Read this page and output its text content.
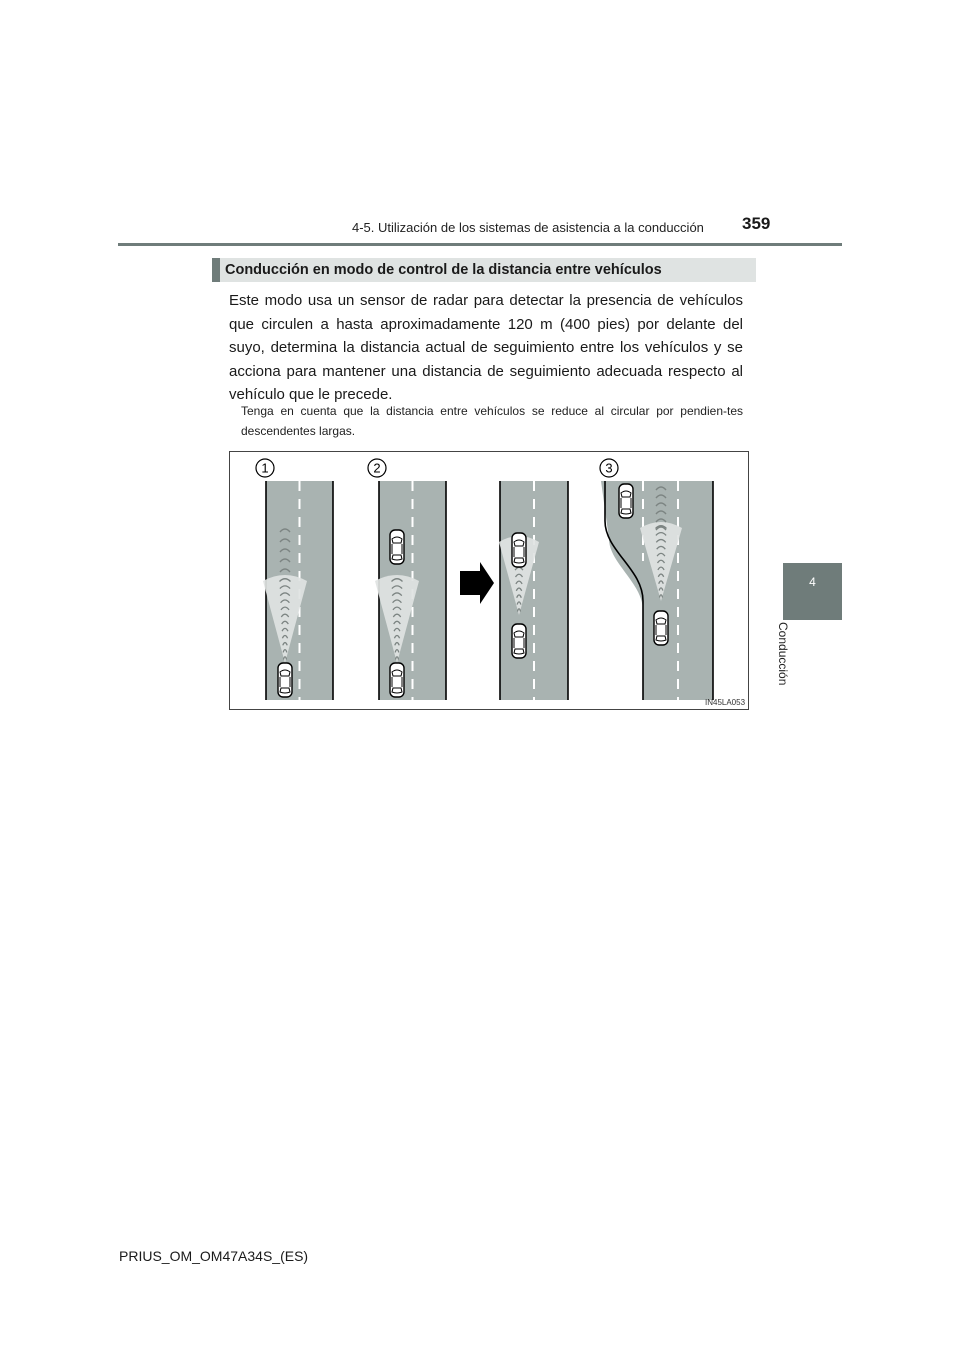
4-5. Utilización de los sistemas de asistencia a la conducción 359
4
Conducción
Conducción en modo de control de la distancia entre vehículos

Este modo usa un sensor de radar para detectar la presencia de vehículos que circulen a hasta aproximadamente 120 m (400 pies) por delante del suyo, determina la distancia actual de seguimiento entre los vehículos y se acciona para mantener una distancia de seguimiento adecuada respecto al vehículo que le precede.

Tenga en cuenta que la distancia entre vehículos se reduce al circular por pendien-tes descendentes largas.

1	2	3
IN45LA053
PRIUS_OM_OM47A34S_(ES)
